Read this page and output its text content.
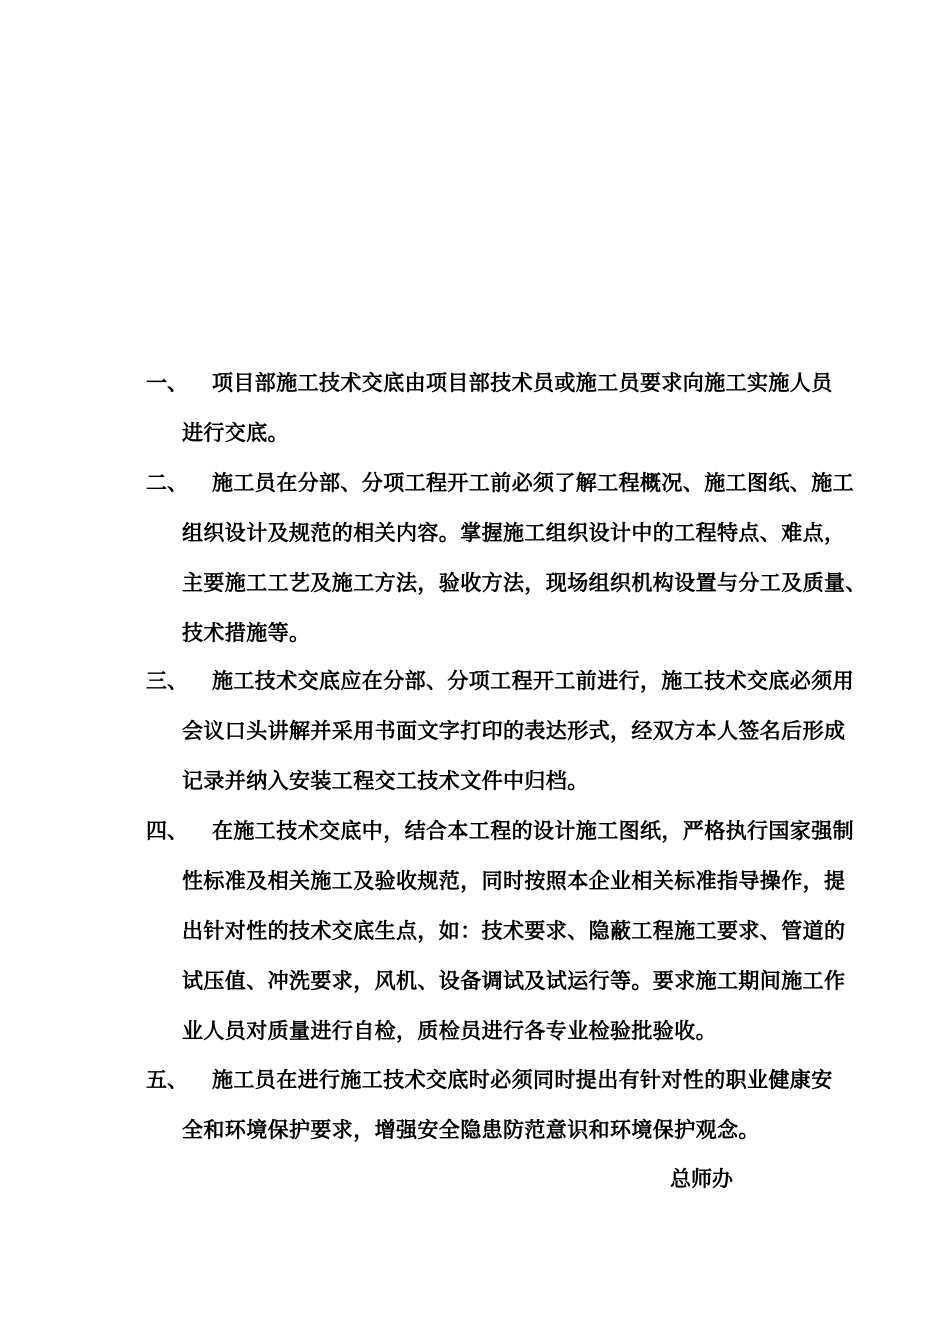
一、 项目部施工技术交底由项目部技术员或施工员要求向施工实施人员
进行交底。
二、 施工员在分部、分项工程开工前必须了解工程概况、施工图纸、施工
组织设计及规范的相关内容。掌握施工组织设计中的工程特点、难点，
主要施工工艺及施工方法，验收方法，现场组织机构设置与分工及质量、
技术措施等。
三、 施工技术交底应在分部、分项工程开工前进行，施工技术交底必须用
会议口头讲解并采用书面文字打印的表达形式，经双方本人签名后形成
记录并纳入安装工程交工技术文件中归档。
四、 在施工技术交底中，结合本工程的设计施工图纸，严格执行国家强制
性标准及相关施工及验收规范，同时按照本企业相关标准指导操作，提
出针对性的技术交底生点，如：技术要求、隐蔽工程施工要求、管道的
试压值、冲洗要求，风机、设备调试及试运行等。要求施工期间施工作
业人员对质量进行自检，质检员进行各专业检验批验收。
五、 施工员在进行施工技术交底时必须同时提出有针对性的职业健康安
全和环境保护要求，增强安全隐患防范意识和环境保护观念。
总师办
